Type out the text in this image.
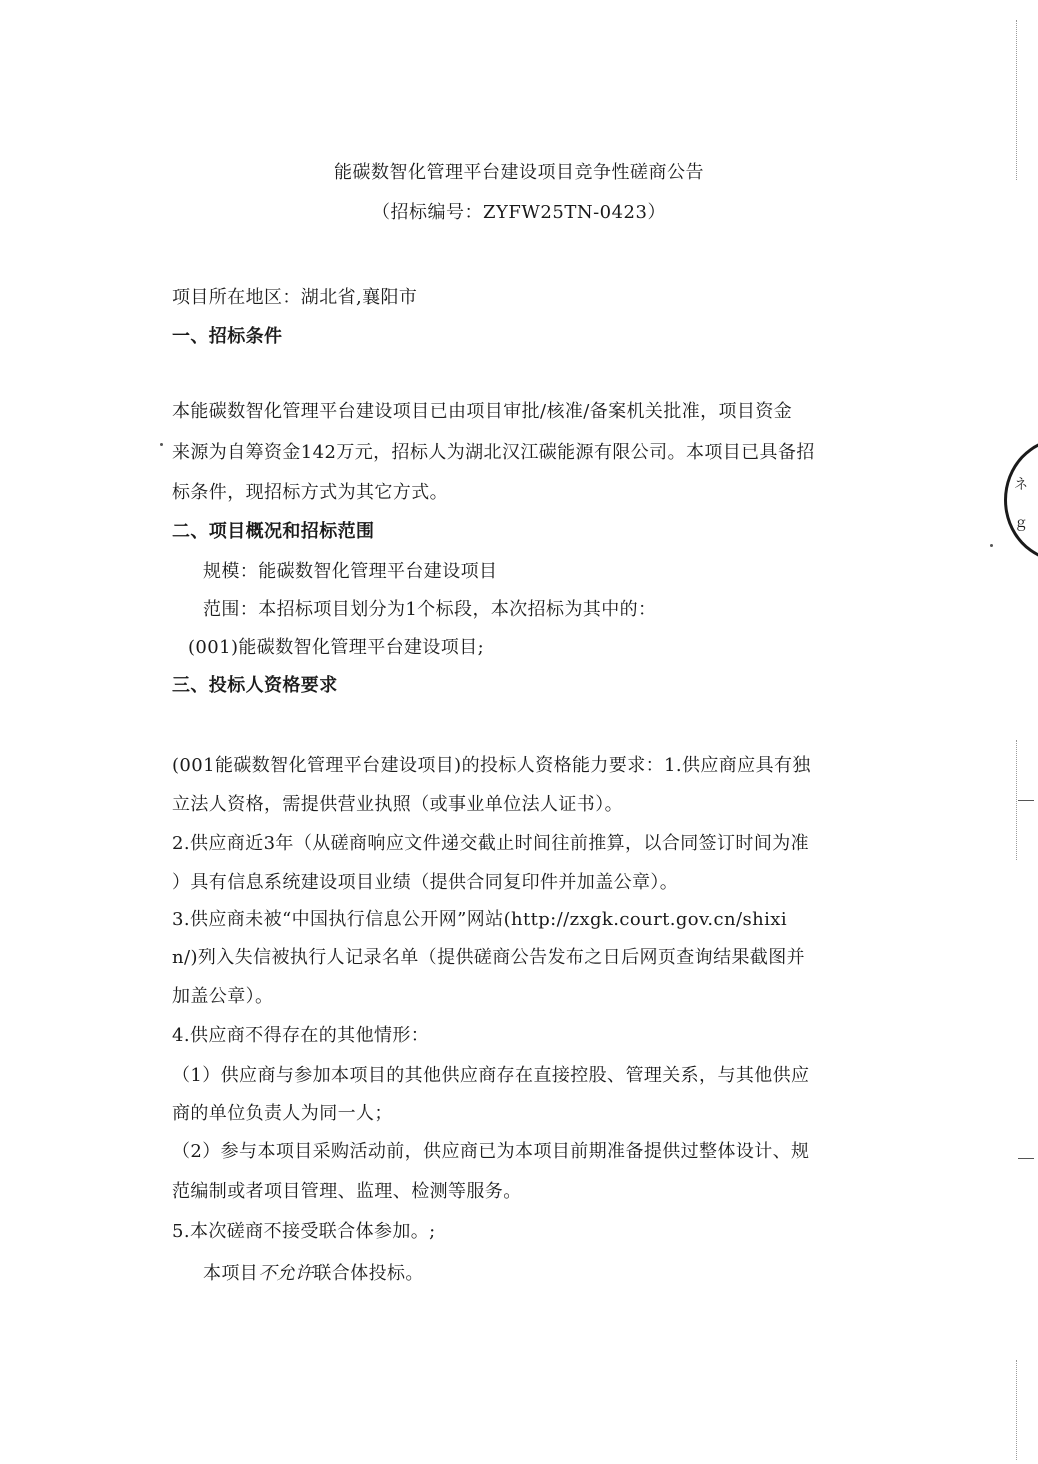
能碳数智化管理平台建设项目竞争性磋商公告
（招标编号：ZYFW25TN-0423）
项目所在地区：湖北省,襄阳市
一、招标条件
本能碳数智化管理平台建设项目已由项目审批/核准/备案机关批准，项目资金
来源为自筹资金142万元，招标人为湖北汉江碳能源有限公司。本项目已具备招
标条件，现招标方式为其它方式。
二、项目概况和招标范围
规模：能碳数智化管理平台建设项目
范围：本招标项目划分为1个标段，本次招标为其中的：
(001)能碳数智化管理平台建设项目;
三、投标人资格要求
(001能碳数智化管理平台建设项目)的投标人资格能力要求：1.供应商应具有独
立法人资格，需提供营业执照（或事业单位法人证书）。
2.供应商近3年（从磋商响应文件递交截止时间往前推算，以合同签订时间为准
）具有信息系统建设项目业绩（提供合同复印件并加盖公章）。
3.供应商未被“中国执行信息公开网”网站(http://zxgk.court.gov.cn/shixi
n/)列入失信被执行人记录名单（提供磋商公告发布之日后网页查询结果截图并
加盖公章）。
4.供应商不得存在的其他情形：
（1）供应商与参加本项目的其他供应商存在直接控股、管理关系，与其他供应
商的单位负责人为同一人；
（2）参与本项目采购活动前，供应商已为本项目前期准备提供过整体设计、规
范编制或者项目管理、监理、检测等服务。
5.本次磋商不接受联合体参加。;
本项目不允许联合体投标。
ネ
ｇ
